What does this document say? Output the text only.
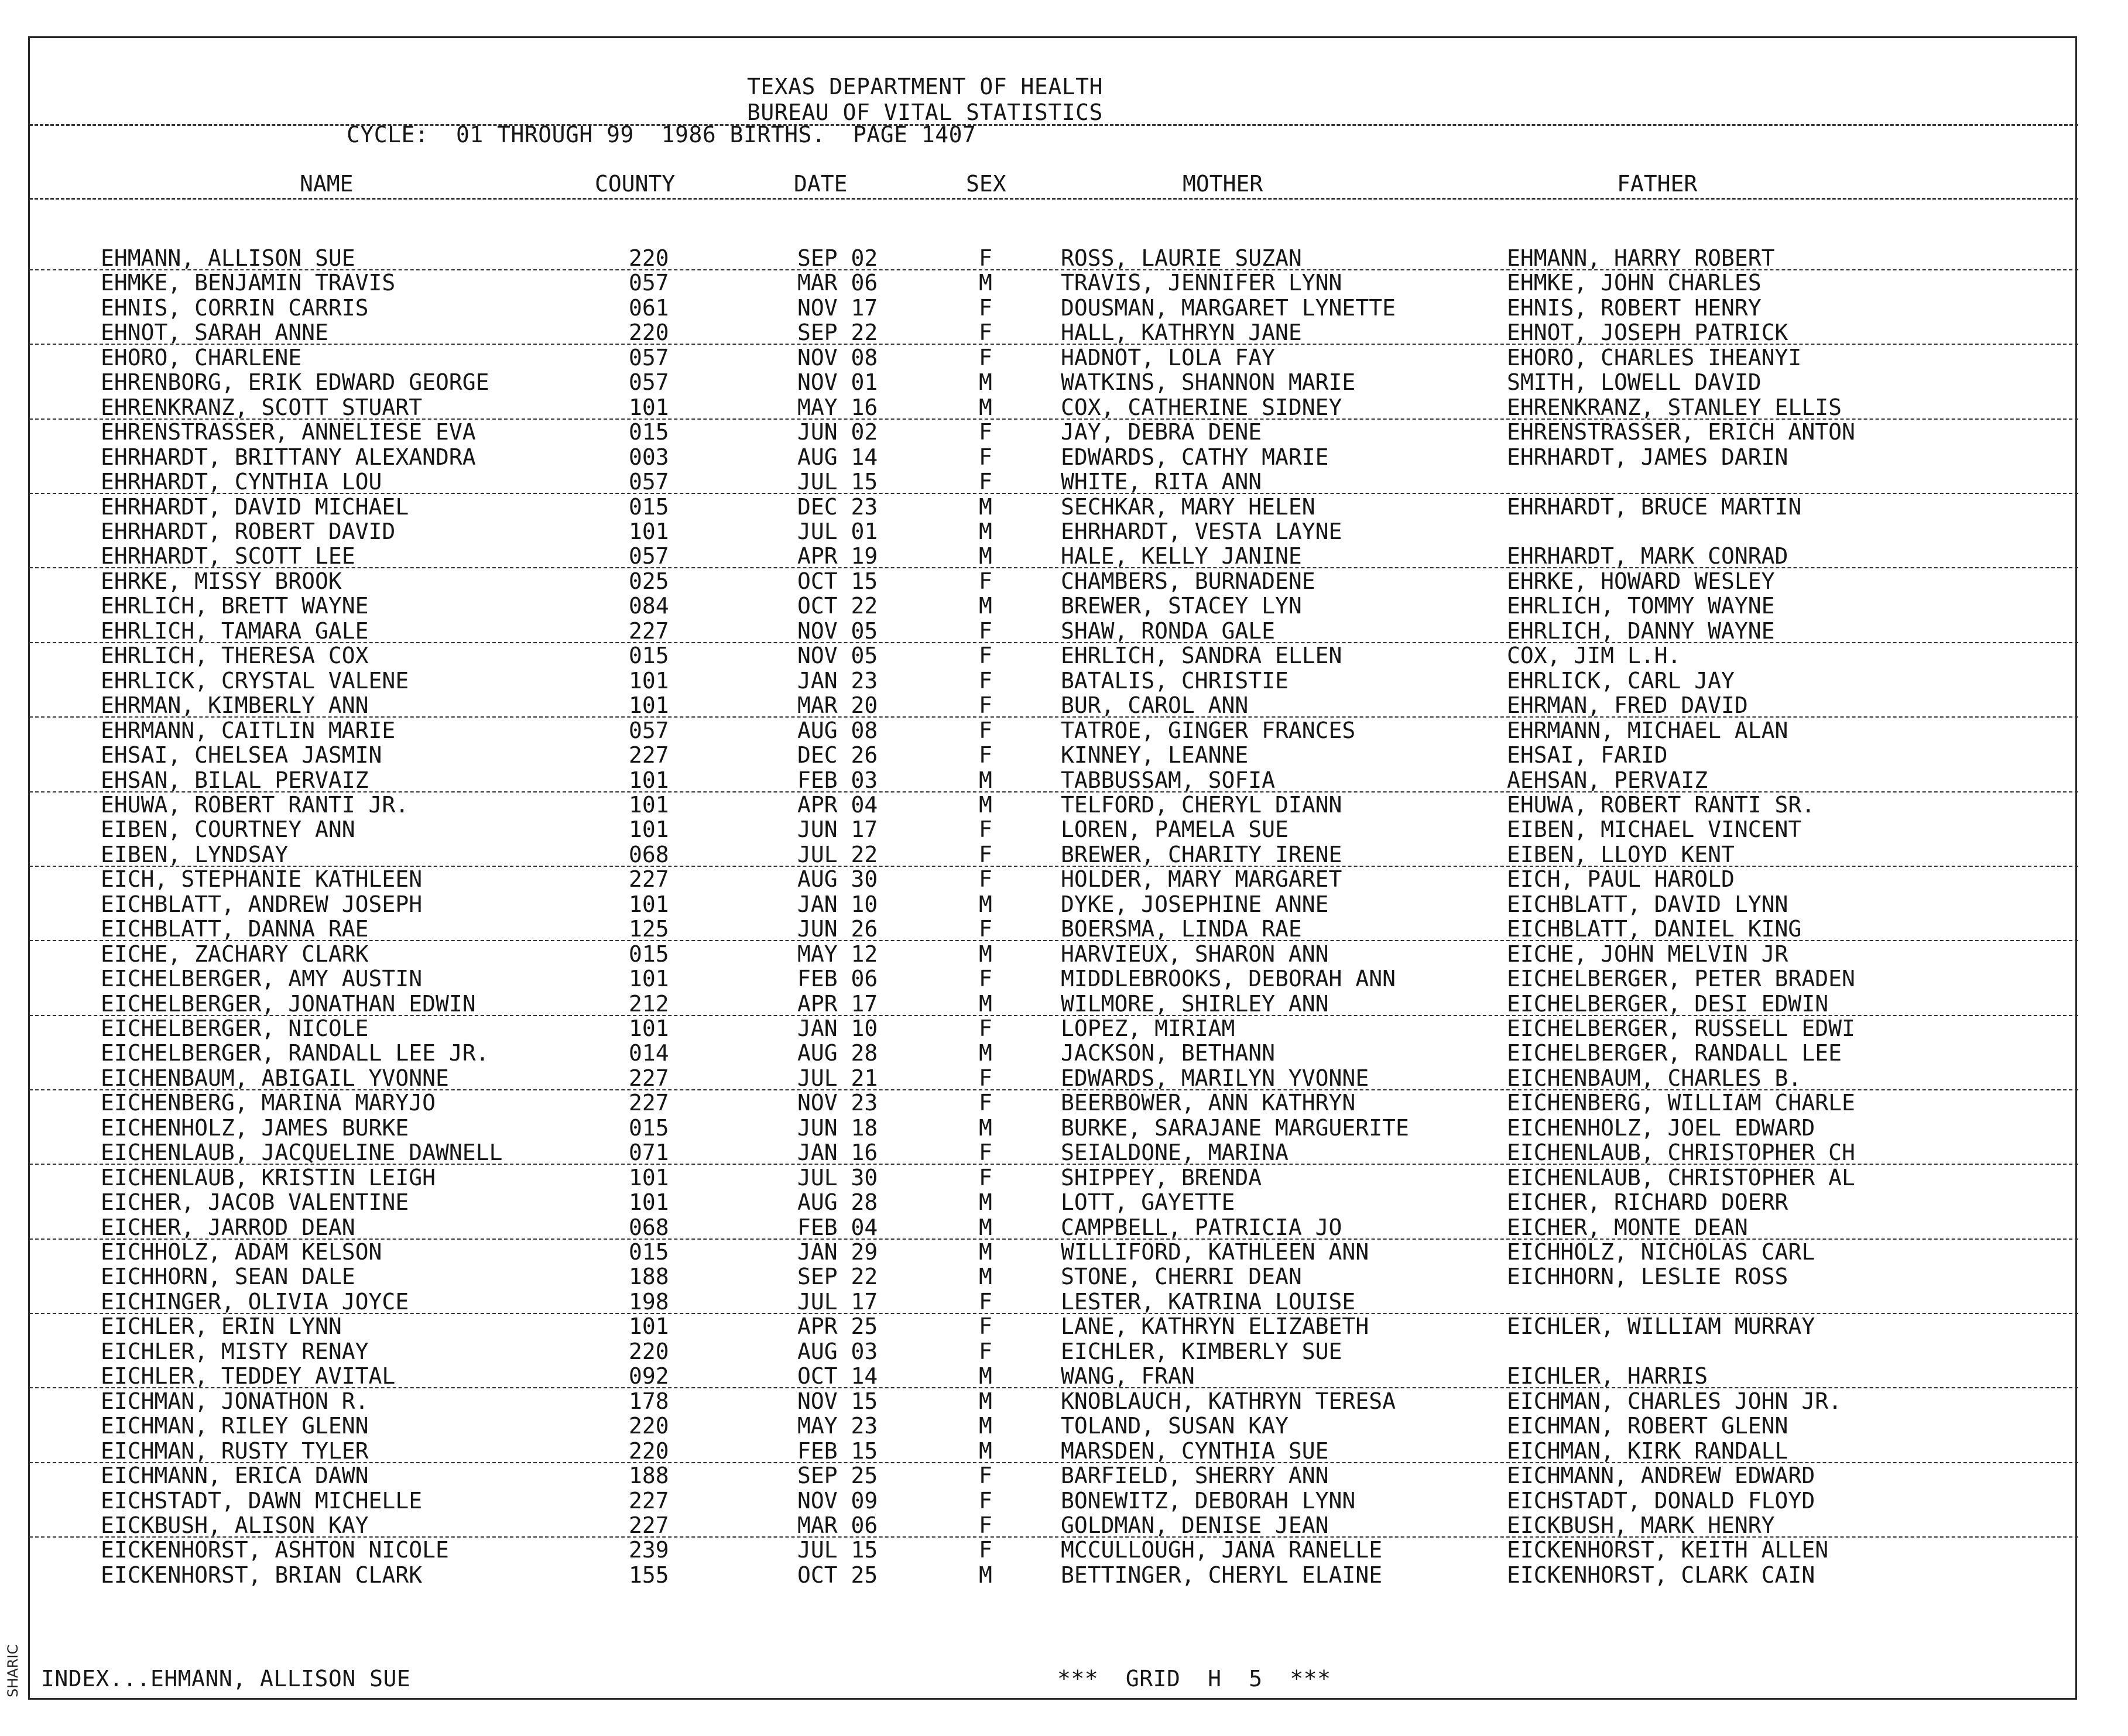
SHARIC
TEXAS DEPARTMENT OF HEALTH
BUREAU OF VITAL STATISTICS
CYCLE:  01 THROUGH 99  1986 BIRTHS.  PAGE 1407
NAME	COUNTY	DATE	SEX	MOTHER	FATHER
EHMANN, ALLISON SUE	220	SEP 02	F	ROSS, LAURIE SUZAN	EHMANN, HARRY ROBERT
EHMKE, BENJAMIN TRAVIS	057	MAR 06	M	TRAVIS, JENNIFER LYNN	EHMKE, JOHN CHARLES
EHNIS, CORRIN CARRIS	061	NOV 17	F	DOUSMAN, MARGARET LYNETTE	EHNIS, ROBERT HENRY
EHNOT, SARAH ANNE	220	SEP 22	F	HALL, KATHRYN JANE	EHNOT, JOSEPH PATRICK
EHORO, CHARLENE	057	NOV 08	F	HADNOT, LOLA FAY	EHORO, CHARLES IHEANYI
EHRENBORG, ERIK EDWARD GEORGE	057	NOV 01	M	WATKINS, SHANNON MARIE	SMITH, LOWELL DAVID
EHRENKRANZ, SCOTT STUART	101	MAY 16	M	COX, CATHERINE SIDNEY	EHRENKRANZ, STANLEY ELLIS
EHRENSTRASSER, ANNELIESE EVA	015	JUN 02	F	JAY, DEBRA DENE	EHRENSTRASSER, ERICH ANTON
EHRHARDT, BRITTANY ALEXANDRA	003	AUG 14	F	EDWARDS, CATHY MARIE	EHRHARDT, JAMES DARIN
EHRHARDT, CYNTHIA LOU	057	JUL 15	F	WHITE, RITA ANN
EHRHARDT, DAVID MICHAEL	015	DEC 23	M	SECHKAR, MARY HELEN	EHRHARDT, BRUCE MARTIN
EHRHARDT, ROBERT DAVID	101	JUL 01	M	EHRHARDT, VESTA LAYNE
EHRHARDT, SCOTT LEE	057	APR 19	M	HALE, KELLY JANINE	EHRHARDT, MARK CONRAD
EHRKE, MISSY BROOK	025	OCT 15	F	CHAMBERS, BURNADENE	EHRKE, HOWARD WESLEY
EHRLICH, BRETT WAYNE	084	OCT 22	M	BREWER, STACEY LYN	EHRLICH, TOMMY WAYNE
EHRLICH, TAMARA GALE	227	NOV 05	F	SHAW, RONDA GALE	EHRLICH, DANNY WAYNE
EHRLICH, THERESA COX	015	NOV 05	F	EHRLICH, SANDRA ELLEN	COX, JIM L.H.
EHRLICK, CRYSTAL VALENE	101	JAN 23	F	BATALIS, CHRISTIE	EHRLICK, CARL JAY
EHRMAN, KIMBERLY ANN	101	MAR 20	F	BUR, CAROL ANN	EHRMAN, FRED DAVID
EHRMANN, CAITLIN MARIE	057	AUG 08	F	TATROE, GINGER FRANCES	EHRMANN, MICHAEL ALAN
EHSAI, CHELSEA JASMIN	227	DEC 26	F	KINNEY, LEANNE	EHSAI, FARID
EHSAN, BILAL PERVAIZ	101	FEB 03	M	TABBUSSAM, SOFIA	AEHSAN, PERVAIZ
EHUWA, ROBERT RANTI JR.	101	APR 04	M	TELFORD, CHERYL DIANN	EHUWA, ROBERT RANTI SR.
EIBEN, COURTNEY ANN	101	JUN 17	F	LOREN, PAMELA SUE	EIBEN, MICHAEL VINCENT
EIBEN, LYNDSAY	068	JUL 22	F	BREWER, CHARITY IRENE	EIBEN, LLOYD KENT
EICH, STEPHANIE KATHLEEN	227	AUG 30	F	HOLDER, MARY MARGARET	EICH, PAUL HAROLD
EICHBLATT, ANDREW JOSEPH	101	JAN 10	M	DYKE, JOSEPHINE ANNE	EICHBLATT, DAVID LYNN
EICHBLATT, DANNA RAE	125	JUN 26	F	BOERSMA, LINDA RAE	EICHBLATT, DANIEL KING
EICHE, ZACHARY CLARK	015	MAY 12	M	HARVIEUX, SHARON ANN	EICHE, JOHN MELVIN JR
EICHELBERGER, AMY AUSTIN	101	FEB 06	F	MIDDLEBROOKS, DEBORAH ANN	EICHELBERGER, PETER BRADEN
EICHELBERGER, JONATHAN EDWIN	212	APR 17	M	WILMORE, SHIRLEY ANN	EICHELBERGER, DESI EDWIN
EICHELBERGER, NICOLE	101	JAN 10	F	LOPEZ, MIRIAM	EICHELBERGER, RUSSELL EDWI
EICHELBERGER, RANDALL LEE JR.	014	AUG 28	M	JACKSON, BETHANN	EICHELBERGER, RANDALL LEE
EICHENBAUM, ABIGAIL YVONNE	227	JUL 21	F	EDWARDS, MARILYN YVONNE	EICHENBAUM, CHARLES B.
EICHENBERG, MARINA MARYJO	227	NOV 23	F	BEERBOWER, ANN KATHRYN	EICHENBERG, WILLIAM CHARLE
EICHENHOLZ, JAMES BURKE	015	JUN 18	M	BURKE, SARAJANE MARGUERITE	EICHENHOLZ, JOEL EDWARD
EICHENLAUB, JACQUELINE DAWNELL	071	JAN 16	F	SEIALDONE, MARINA	EICHENLAUB, CHRISTOPHER CH
EICHENLAUB, KRISTIN LEIGH	101	JUL 30	F	SHIPPEY, BRENDA	EICHENLAUB, CHRISTOPHER AL
EICHER, JACOB VALENTINE	101	AUG 28	M	LOTT, GAYETTE	EICHER, RICHARD DOERR
EICHER, JARROD DEAN	068	FEB 04	M	CAMPBELL, PATRICIA JO	EICHER, MONTE DEAN
EICHHOLZ, ADAM KELSON	015	JAN 29	M	WILLIFORD, KATHLEEN ANN	EICHHOLZ, NICHOLAS CARL
EICHHORN, SEAN DALE	188	SEP 22	M	STONE, CHERRI DEAN	EICHHORN, LESLIE ROSS
EICHINGER, OLIVIA JOYCE	198	JUL 17	F	LESTER, KATRINA LOUISE
EICHLER, ERIN LYNN	101	APR 25	F	LANE, KATHRYN ELIZABETH	EICHLER, WILLIAM MURRAY
EICHLER, MISTY RENAY	220	AUG 03	F	EICHLER, KIMBERLY SUE
EICHLER, TEDDEY AVITAL	092	OCT 14	M	WANG, FRAN	EICHLER, HARRIS
EICHMAN, JONATHON R.	178	NOV 15	M	KNOBLAUCH, KATHRYN TERESA	EICHMAN, CHARLES JOHN JR.
EICHMAN, RILEY GLENN	220	MAY 23	M	TOLAND, SUSAN KAY	EICHMAN, ROBERT GLENN
EICHMAN, RUSTY TYLER	220	FEB 15	M	MARSDEN, CYNTHIA SUE	EICHMAN, KIRK RANDALL
EICHMANN, ERICA DAWN	188	SEP 25	F	BARFIELD, SHERRY ANN	EICHMANN, ANDREW EDWARD
EICHSTADT, DAWN MICHELLE	227	NOV 09	F	BONEWITZ, DEBORAH LYNN	EICHSTADT, DONALD FLOYD
EICKBUSH, ALISON KAY	227	MAR 06	F	GOLDMAN, DENISE JEAN	EICKBUSH, MARK HENRY
EICKENHORST, ASHTON NICOLE	239	JUL 15	F	MCCULLOUGH, JANA RANELLE	EICKENHORST, KEITH ALLEN
EICKENHORST, BRIAN CLARK	155	OCT 25	M	BETTINGER, CHERYL ELAINE	EICKENHORST, CLARK CAIN
INDEX...EHMANN, ALLISON SUE	***  GRID  H  5  ***
